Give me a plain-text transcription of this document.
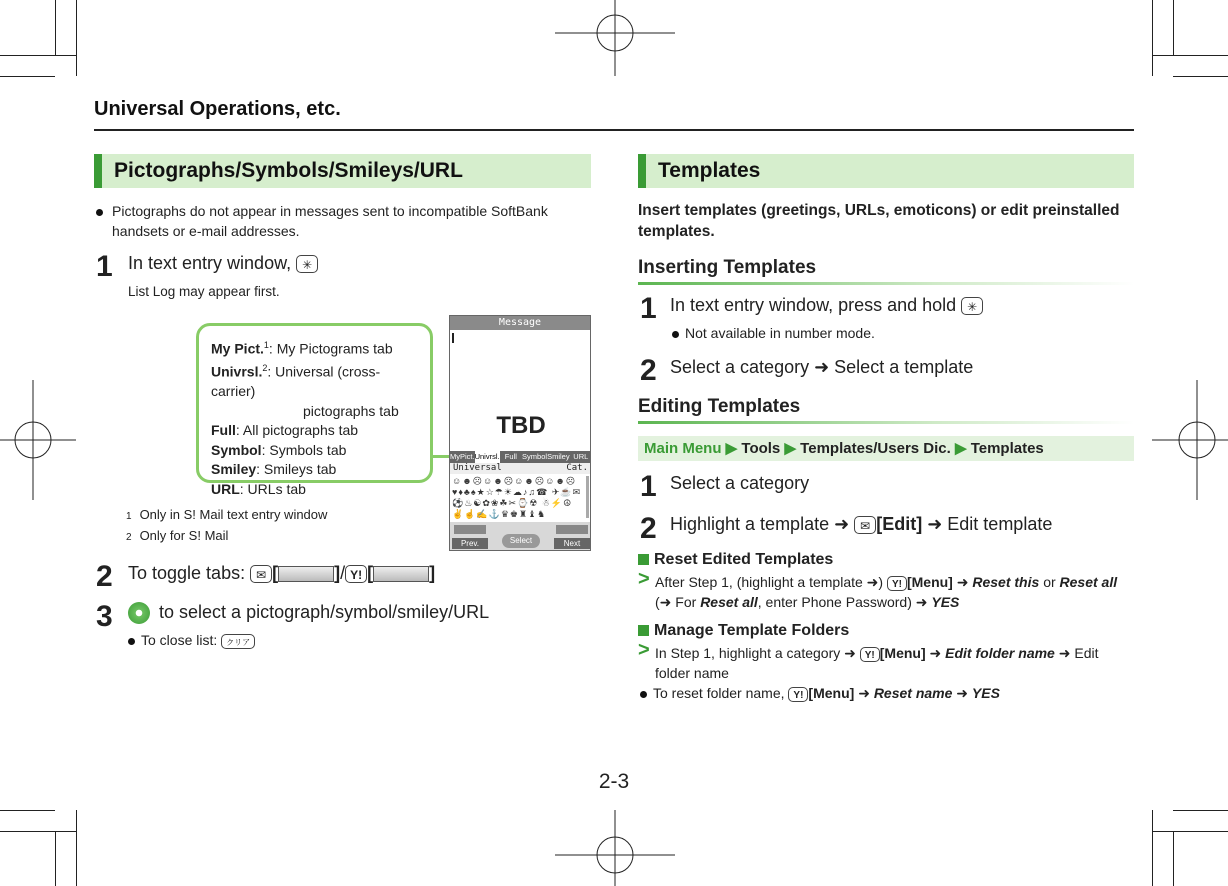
Universal Operations, etc.
Pictographs/Symbols/Smileys/URL
Pictographs do not appear in messages sent to incompatible SoftBank handsets or e-mail addresses.
1 In text entry window, ✳
List Log may appear first.
My Pict.$^1$: My Pictograms tab
Univrsl.$^2$: Universal (cross-carrier)
pictographs tab
Full: All pictographs tab
Symbol: Symbols tab
Smiley: Smileys tab
URL: URLs tab
1 Only in S! Mail text entry window
2 Only for S! Mail
Message
TBD
MyPict. Univrsl. Full Symbol Smiley URL
Universal	Cat.
☺☻☹☺☻☹☺☻☹☺☻☹ ♥♦♣♠★☆☂☀☁♪♫☎ ✈☕✉⚽♨☯✿❀☘✂⌚☢ ☃⚡☮✌☝✍⚓♛♚♜♝♞
Prev.	Select	Next
2 To toggle tabs: ✉ [	]/ Y! [	]
3	to select a pictograph/symbol/smiley/URL
To close list: クリア
Templates
Insert templates (greetings, URLs, emoticons) or edit preinstalled templates.
Inserting Templates
1 In text entry window, press and hold ✳
Not available in number mode.
2 Select a category ➜ Select a template
Editing Templates
Main Menu ▶ Tools ▶ Templates/Users Dic. ▶ Templates
1 Select a category
2 Highlight a template ➜ ✉ [Edit] ➜ Edit template
Reset Edited Templates
> After Step 1, (highlight a template ➜) Y! [Menu] ➜ Reset this or Reset all
(➜ For Reset all, enter Phone Password) ➜ YES
Manage Template Folders
> In Step 1, highlight a category ➜ Y! [Menu] ➜ Edit folder name ➜ Edit
folder name
To reset folder name, Y! [Menu] ➜ Reset name ➜ YES
2-3
